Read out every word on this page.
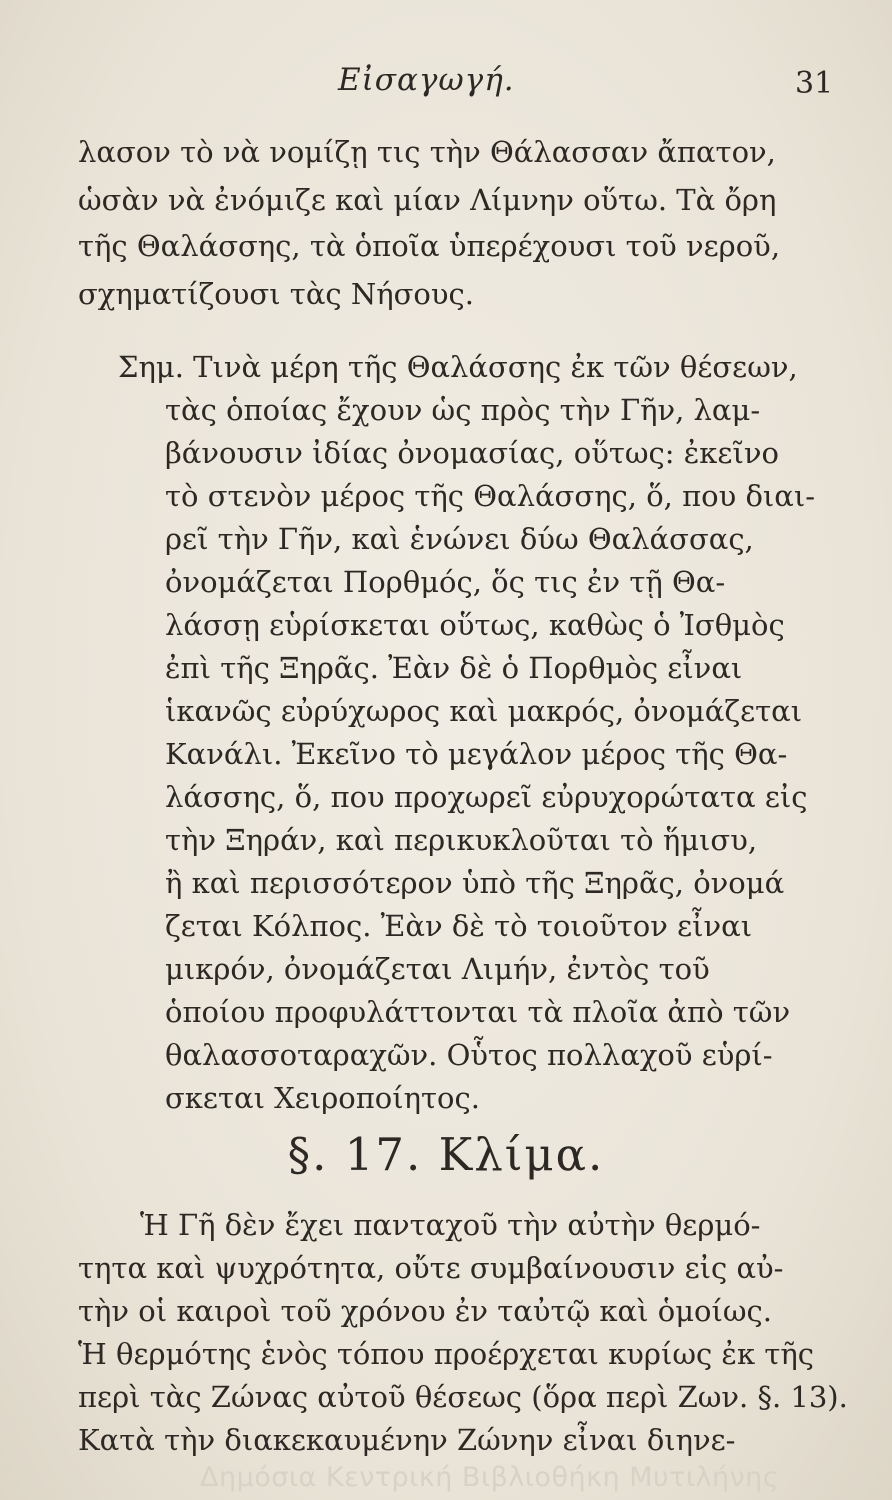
Εἰσαγωγή.	31
λασον τὸ νὰ νομίζῃ τις τὴν Θάλασσαν ἄπατον,
ὡσὰν νὰ ἐνόμιζε καὶ μίαν Λίμνην οὕτω. Τὰ ὄρη
τῆς Θαλάσσης, τὰ ὁποῖα ὑπερέχουσι τοῦ νεροῦ,
σχηματίζουσι τὰς Νήσους.
Σημ. Τινὰ μέρη τῆς Θαλάσσης ἐκ τῶν θέσεων,
τὰς ὁποίας ἔχουν ὡς πρὸς τὴν Γῆν, λαμ-
βάνουσιν ἰδίας ὀνομασίας, οὕτως: ἐκεῖνο
τὸ στενὸν μέρος τῆς Θαλάσσης, ὅ, που διαι-
ρεῖ τὴν Γῆν, καὶ ἑνώνει δύω Θαλάσσας,
ὀνομάζεται Πορθμός, ὅς τις ἐν τῇ Θα-
λάσσῃ εὑρίσκεται οὕτως, καθὼς ὁ Ἰσθμὸς
ἐπὶ τῆς Ξηρᾶς. Ἐὰν δὲ ὁ Πορθμὸς εἶναι
ἱκανῶς εὐρύχωρος καὶ μακρός, ὀνομάζεται
Κανάλι. Ἐκεῖνο τὸ μεγάλον μέρος τῆς Θα-
λάσσης, ὅ, που προχωρεῖ εὐρυχορώτατα εἰς
τὴν Ξηράν, καὶ περικυκλοῦται τὸ ἥμισυ,
ἢ καὶ περισσότερον ὑπὸ τῆς Ξηρᾶς, ὀνομά
ζεται Κόλπος. Ἐὰν δὲ τὸ τοιοῦτον εἶναι
μικρόν, ὀνομάζεται Λιμήν, ἐντὸς τοῦ
ὁποίου προφυλάττονται τὰ πλοῖα ἀπὸ τῶν
θαλασσοταραχῶν. Οὗτος πολλαχοῦ εὑρί-
σκεται Χειροποίητος.
§. 17. Κλίμα.
Ἡ Γῆ δὲν ἔχει πανταχοῦ τὴν αὐτὴν θερμό-
τητα καὶ ψυχρότητα, οὔτε συμβαίνουσιν εἰς αὐ-
τὴν οἱ καιροὶ τοῦ χρόνου ἐν ταὐτῷ καὶ ὁμοίως.
Ἡ θερμότης ἑνὸς τόπου προέρχεται κυρίως ἐκ τῆς
περὶ τὰς Ζώνας αὐτοῦ θέσεως (ὅρα περὶ Ζων. §. 13).
Κατὰ τὴν διακεκαυμένην Ζώνην εἶναι διηνε-
Δημόσια Κεντρική Βιβλιοθήκη Μυτιλήνης
